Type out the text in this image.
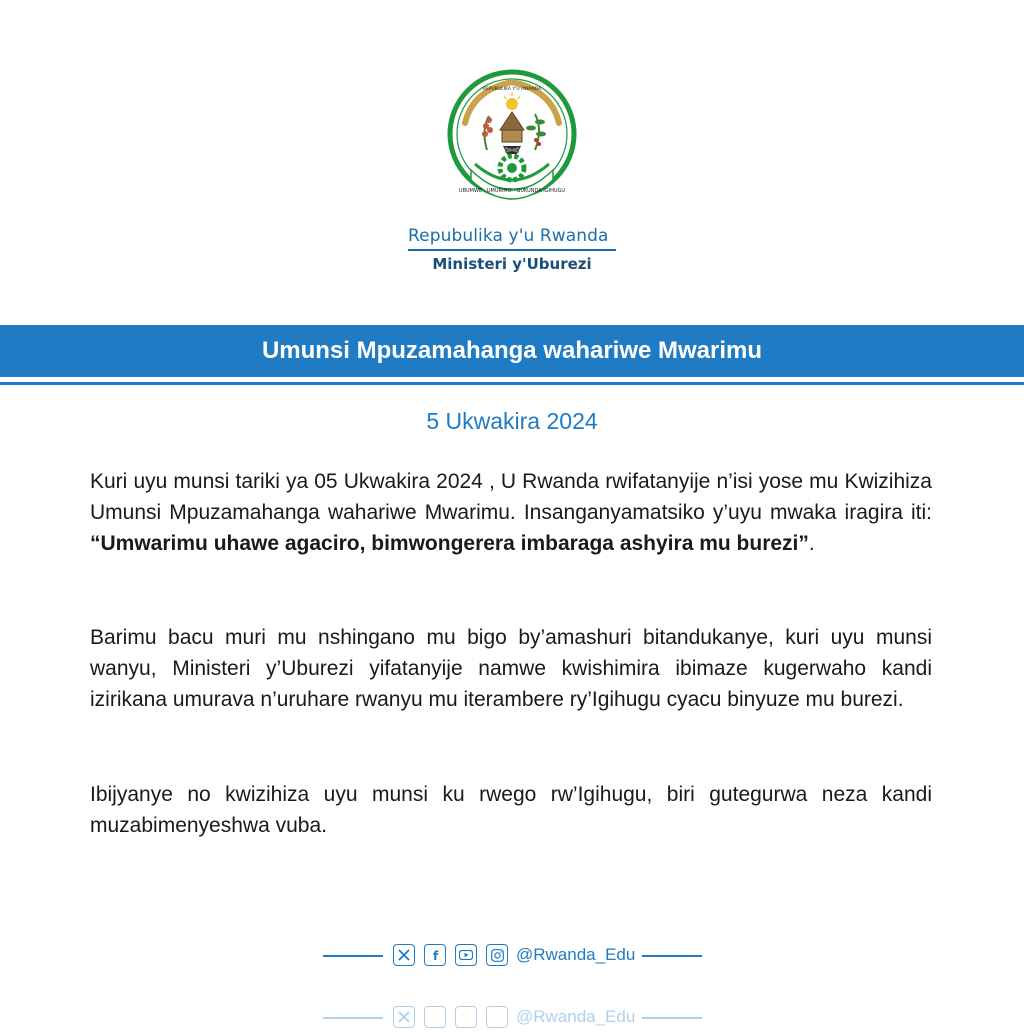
UBUMWE · UMURIMO · GUKUNDA IGIHUGU
REPUBULIKA Y'U RWANDA
Repubulika y'u Rwanda
Ministeri y'Uburezi
Umunsi Mpuzamahanga wahariwe Mwarimu
5 Ukwakira 2024
Kuri uyu munsi tariki ya 05 Ukwakira 2024 , U Rwanda rwifatanyije n’isi yose mu Kwizihiza Umunsi Mpuzamahanga wahariwe Mwarimu. Insanganyamatsiko y’uyu mwaka iragira iti: “Umwarimu uhawe agaciro, bimwongerera imbaraga ashyira mu burezi”.
Barimu bacu muri mu nshingano mu bigo by’amashuri bitandukanye, kuri uyu munsi wanyu, Ministeri y’Uburezi yifatanyije namwe kwishimira ibimaze kugerwaho kandi izirikana umurava n’uruhare rwanyu mu iterambere ry’Igihugu cyacu binyuze mu burezi.
Ibijyanye no kwizihiza uyu munsi ku rwego rw’Igihugu, biri gutegurwa neza kandi muzabimenyeshwa vuba.
f	@Rwanda_Edu
@Rwanda_Edu
